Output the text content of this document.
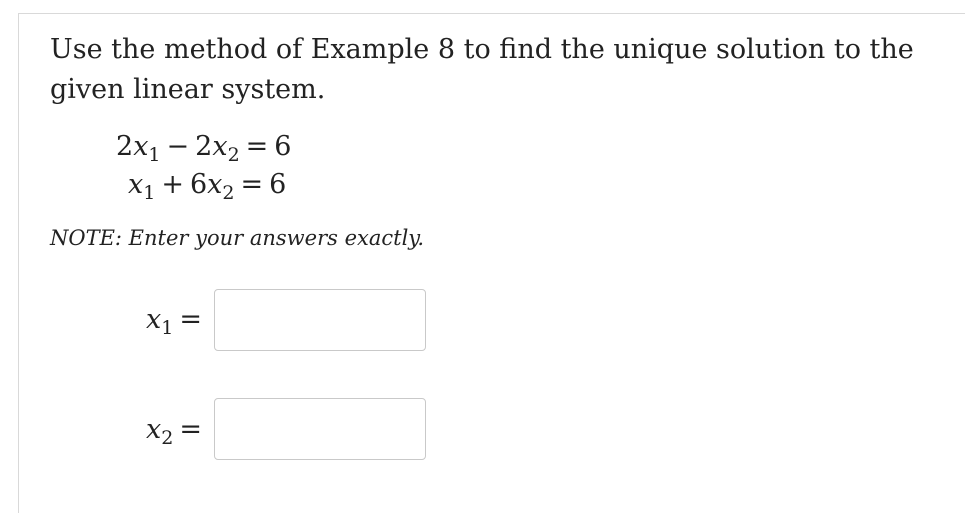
Use the method of Example 8 to find the unique solution to the given linear system.
$2x_1 - 2x_2 = 6$
$x_1 + 6x_2 = 6$
NOTE: Enter your answers exactly.
$x_1$ =
$x_2$ =
